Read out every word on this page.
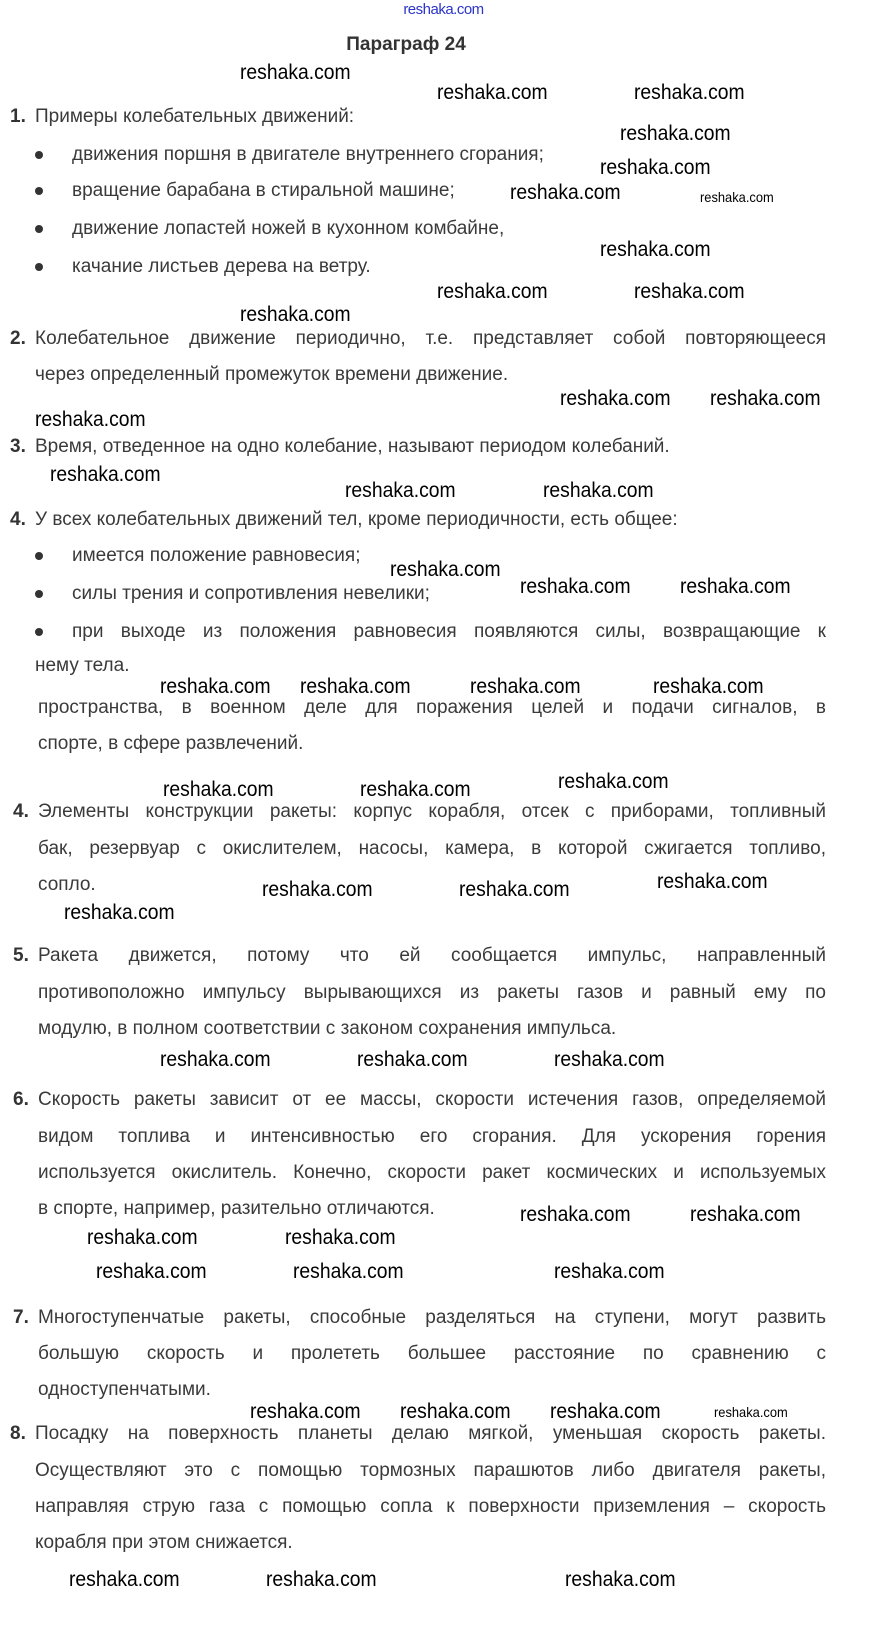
reshaka.com
Параграф 24
1. Примеры колебательных движений:
движения поршня в двигателе внутреннего сгорания;
вращение барабана в стиральной машине;
движение лопастей ножей в кухонном комбайне,
качание листьев дерева на ветру.
2. Колебательное движение периодично, т.е. представляет собой повторяющееся
через определенный промежуток времени движение.
3. Время, отведенное на одно колебание, называют периодом колебаний.
4. У всех колебательных движений тел, кроме периодичности, есть общее:
имеется положение равновесия;
силы трения и сопротивления невелики;
при выходе из положения равновесия появляются силы, возвращающие к
нему тела.
пространства, в военном деле для поражения целей и подачи сигналов, в
спорте, в сфере развлечений.
4. Элементы конструкции ракеты: корпус корабля, отсек с приборами, топливный
бак, резервуар с окислителем, насосы, камера, в которой сжигается топливо,
сопло.
5. Ракета движется, потому что ей сообщается импульс, направленный
противоположно импульсу вырывающихся из ракеты газов и равный ему по
модулю, в полном соответствии с законом сохранения импульса.
6. Скорость ракеты зависит от ее массы, скорости истечения газов, определяемой
видом топлива и интенсивностью его сгорания. Для ускорения горения
используется окислитель. Конечно, скорости ракет космических и используемых
в спорте, например, разительно отличаются.
7. Многоступенчатые ракеты, способные разделяться на ступени, могут развить
большую скорость и пролететь большее расстояние по сравнению с
одноступенчатыми.
8. Посадку на поверхность планеты делаю мягкой, уменьшая скорость ракеты.
Осуществляют это с помощью тормозных парашютов либо двигателя ракеты,
направляя струю газа с помощью сопла к поверхности приземления – скорость
корабля при этом снижается.
reshaka.com
reshaka.com	reshaka.com
reshaka.com
reshaka.com
reshaka.com	reshaka.com
reshaka.com
reshaka.com	reshaka.com
reshaka.com
reshaka.com
reshaka.com reshaka.com
reshaka.com
reshaka.com	reshaka.com
reshaka.com
reshaka.com reshaka.com
reshaka.com reshaka.com	reshaka.com	reshaka.com
reshaka.com	reshaka.com	reshaka.com
reshaka.com	reshaka.com	reshaka.com
reshaka.com
reshaka.com	reshaka.com	reshaka.com
reshaka.com	reshaka.com	reshaka.com
reshaka.com	reshaka.com
reshaka.com	reshaka.com
reshaka.com reshaka.com reshaka.com	reshaka.com
reshaka.com	reshaka.com	reshaka.com
